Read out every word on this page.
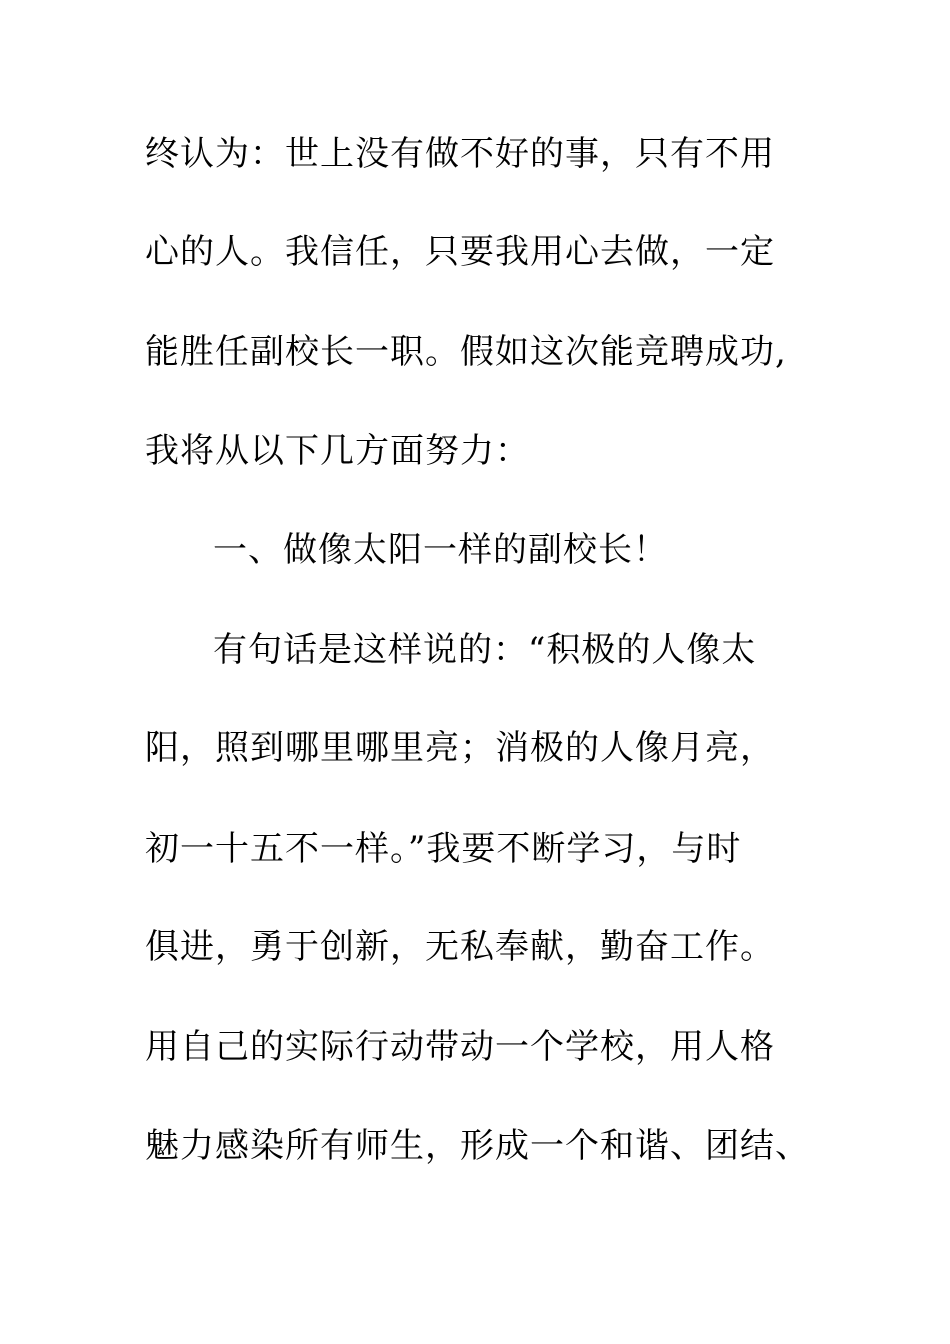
终认为：世上没有做不好的事，只有不用
心的人。我信任，只要我用心去做，一定
能胜任副校长一职。假如这次能竞聘成功,
我将从以下几方面努力：
一、做像太阳一样的副校长！
有句话是这样说的：“积极的人像太
阳，照到哪里哪里亮；消极的人像月亮，
初一十五不一样。”我要不断学习，与时
俱进，勇于创新，无私奉献，勤奋工作。
用自己的实际行动带动一个学校，用人格
魅力感染所有师生，形成一个和谐、团结、
